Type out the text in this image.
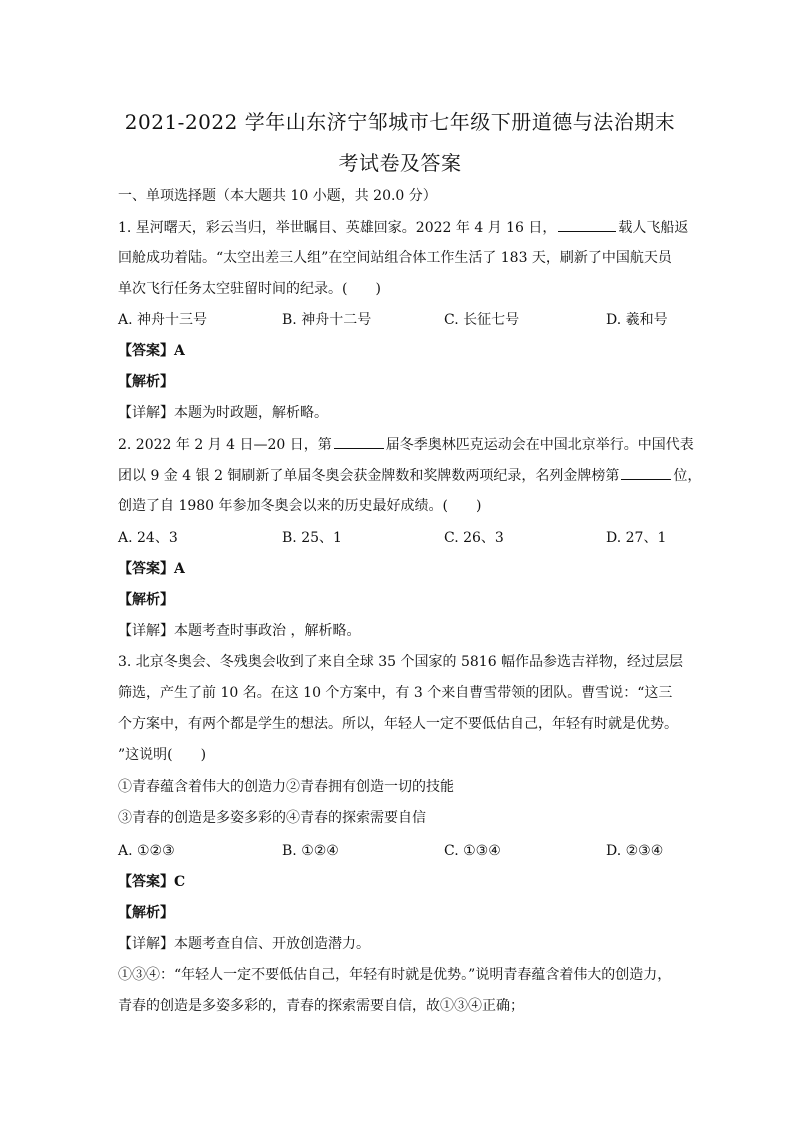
2021-2022 学年山东济宁邹城市七年级下册道德与法治期末
考试卷及答案
一、单项选择题（本大题共 10 小题，共 20.0 分）
1. 星河曙天，彩云当归，举世瞩目、英雄回家。2022 年 4 月 16 日，	载人飞船返
回舱成功着陆。“太空出差三人组”在空间站组合体工作生活了 183 天，刷新了中国航天员
单次飞行任务太空驻留时间的纪录。(　　)
A. 神舟十三号	B. 神舟十二号	C. 长征七号	D. 羲和号
【答案】A
【解析】
【详解】本题为时政题，解析略。
2. 2022 年 2 月 4 日—20 日，第	届冬季奥林匹克运动会在中国北京举行。中国代表
团以 9 金 4 银 2 铜刷新了单届冬奥会获金牌数和奖牌数两项纪录，名列金牌榜第	位，
创造了自 1980 年参加冬奥会以来的历史最好成绩。(　　)
A. 24、3	B. 25、1	C. 26、3	D. 27、1
【答案】A
【解析】
【详解】本题考查时事政治 ，解析略。
3. 北京冬奥会、冬残奥会收到了来自全球 35 个国家的 5816 幅作品参选吉祥物，经过层层
筛选，产生了前 10 名。在这 10 个方案中，有 3 个来自曹雪带领的团队。曹雪说：“这三
个方案中，有两个都是学生的想法。所以，年轻人一定不要低估自己，年轻有时就是优势。
”这说明(　　)
①青春蕴含着伟大的创造力②青春拥有创造一切的技能
③青春的创造是多姿多彩的④青春的探索需要自信
A. ①②③	B. ①②④	C. ①③④	D. ②③④
【答案】C
【解析】
【详解】本题考查自信、开放创造潜力。
①③④：“年轻人一定不要低估自己，年轻有时就是优势。”说明青春蕴含着伟大的创造力，
青春的创造是多姿多彩的，青春的探索需要自信，故①③④正确；
